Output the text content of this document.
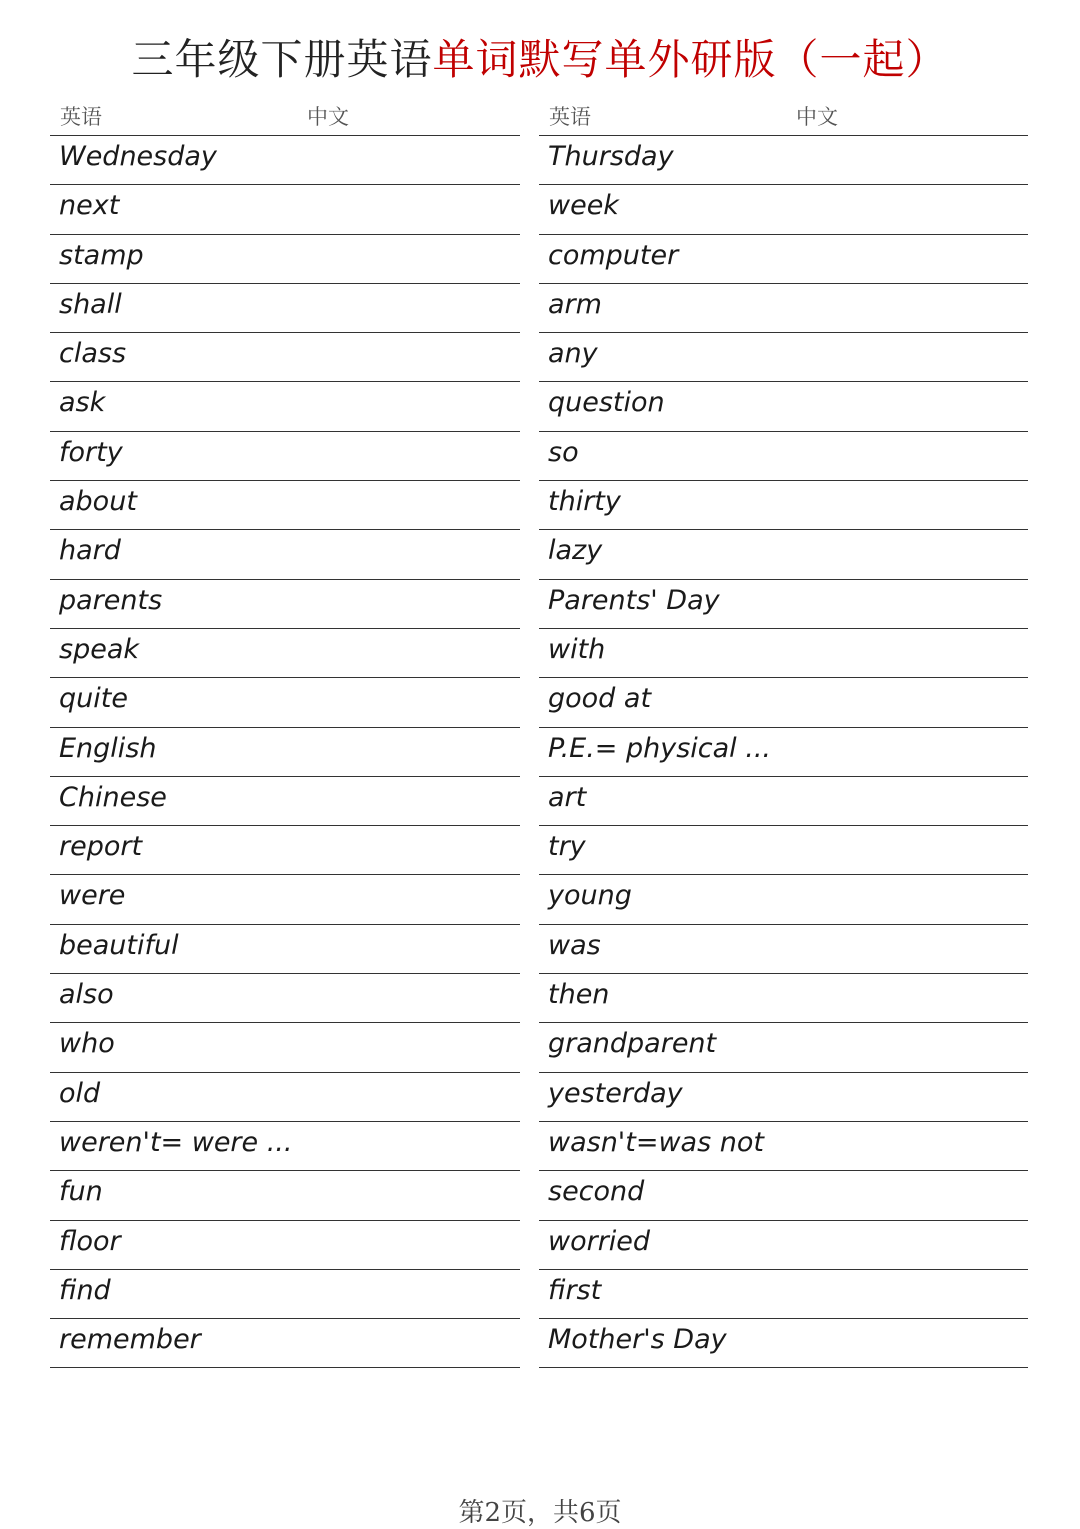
三年级下册英语单词默写单外研版（一起）
英语	中文
Wednesday
next
stamp
shall
class
ask
forty
about
hard
parents
speak
quite
English
Chinese
report
were
beautiful
also
who
old
weren't= were ...
fun
floor
find
remember
英语	中文
Thursday
week
computer
arm
any
question
so
thirty
lazy
Parents' Day
with
good at
P.E.= physical ...
art
try
young
was
then
grandparent
yesterday
wasn't=was not
second
worried
first
Mother's Day
第2页，共6页
